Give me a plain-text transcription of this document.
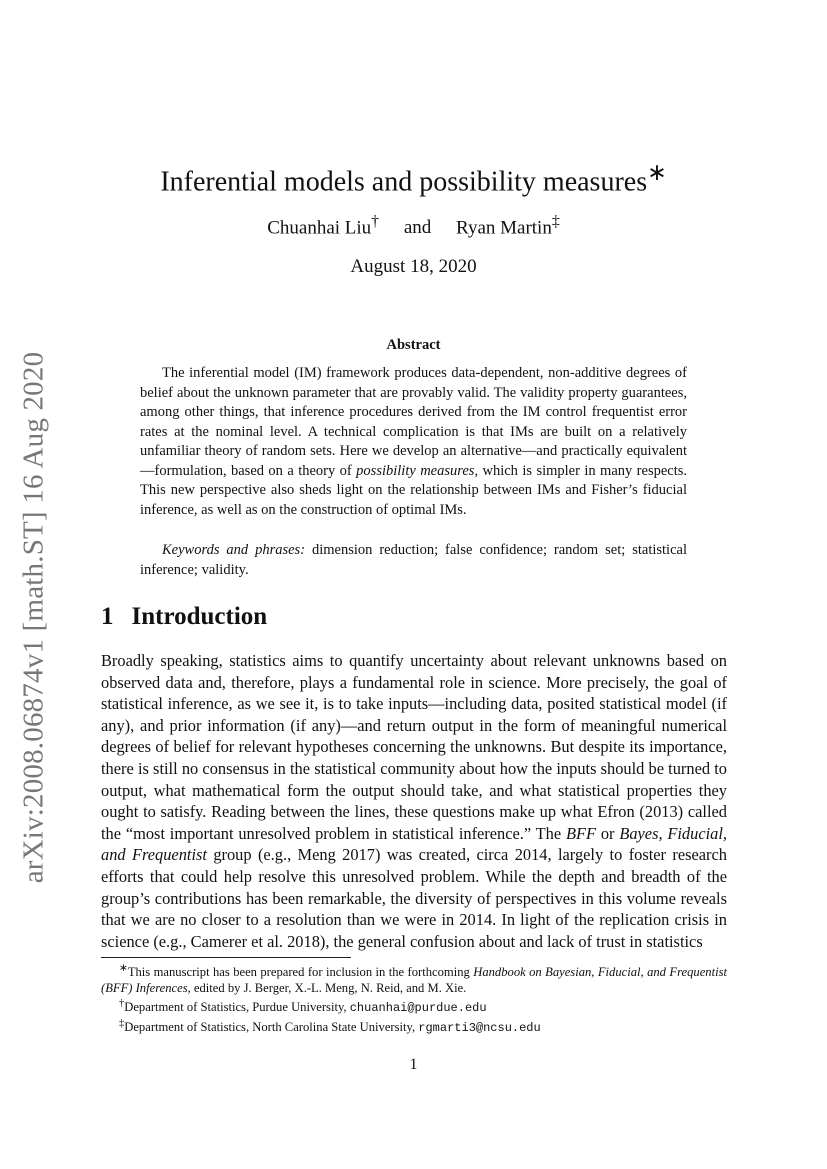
arXiv:2008.06874v1 [math.ST] 16 Aug 2020
Inferential models and possibility measures∗
Chuanhai Liu† and Ryan Martin‡
August 18, 2020
Abstract

The inferential model (IM) framework produces data-dependent, non-additive degrees of belief about the unknown parameter that are provably valid. The validity property guarantees, among other things, that inference procedures derived from the IM control frequentist error rates at the nominal level. A technical complication is that IMs are built on a relatively unfamiliar theory of random sets. Here we develop an alternative—and practically equivalent—formulation, based on a theory of possibility measures, which is simpler in many respects. This new perspective also sheds light on the relationship between IMs and Fisher’s fiducial inference, as well as on the construction of optimal IMs.

Keywords and phrases: dimension reduction; false confidence; random set; statistical inference; validity.

1 Introduction

Broadly speaking, statistics aims to quantify uncertainty about relevant unknowns based on observed data and, therefore, plays a fundamental role in science. More precisely, the goal of statistical inference, as we see it, is to take inputs—including data, posited statistical model (if any), and prior information (if any)—and return output in the form of meaningful numerical degrees of belief for relevant hypotheses concerning the unknowns. But despite its importance, there is still no consensus in the statistical community about how the inputs should be turned to output, what mathematical form the output should take, and what statistical properties they ought to satisfy. Reading between the lines, these questions make up what Efron (2013) called the “most important unresolved problem in statistical inference.” The BFF or Bayes, Fiducial, and Frequentist group (e.g., Meng 2017) was created, circa 2014, largely to foster research efforts that could help resolve this unresolved problem. While the depth and breadth of the group’s contributions has been remarkable, the diversity of perspectives in this volume reveals that we are no closer to a resolution than we were in 2014. In light of the replication crisis in science (e.g., Camerer et al. 2018), the general confusion about and lack of trust in statistics

∗This manuscript has been prepared for inclusion in the forthcoming Handbook on Bayesian, Fiducial, and Frequentist (BFF) Inferences, edited by J. Berger, X.-L. Meng, N. Reid, and M. Xie.

†Department of Statistics, Purdue University, chuanhai@purdue.edu

‡Department of Statistics, North Carolina State University, rgmarti3@ncsu.edu

1
